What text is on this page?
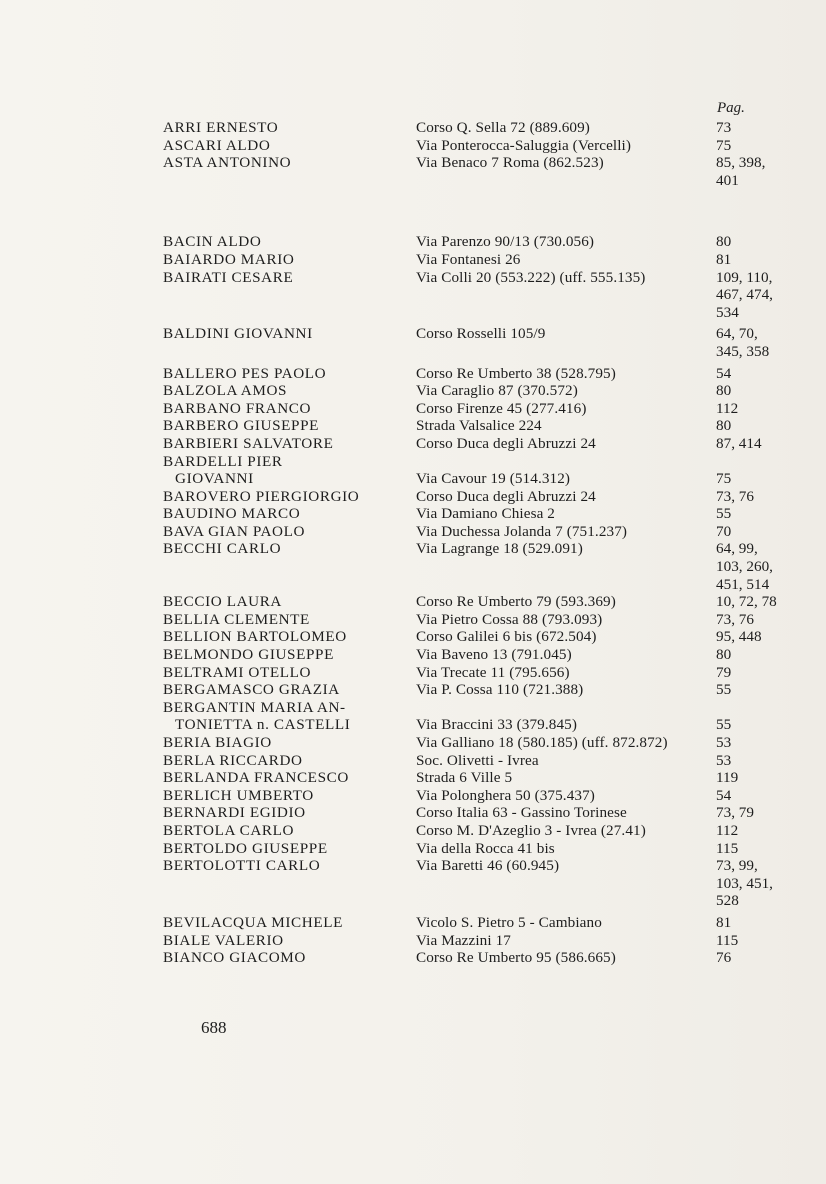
Pag.
ARRI ERNESTO	Corso Q. Sella 72 (889.609)	73
ASCARI ALDO	Via Ponterocca-Saluggia (Vercelli)	75
ASTA ANTONINO	Via Benaco 7 Roma (862.523)	85, 398,
401
BACIN ALDO	Via Parenzo 90/13 (730.056)	80
BAIARDO MARIO	Via Fontanesi 26	81
BAIRATI CESARE	Via Colli 20 (553.222) (uff. 555.135)	109, 110,
467, 474,
534
BALDINI GIOVANNI	Corso Rosselli 105/9	64, 70,
345, 358
BALLERO PES PAOLO	Corso Re Umberto 38 (528.795)	54
BALZOLA AMOS	Via Caraglio 87 (370.572)	80
BARBANO FRANCO	Corso Firenze 45 (277.416)	112
BARBERO GIUSEPPE	Strada Valsalice 224	80
BARBIERI SALVATORE	Corso Duca degli Abruzzi 24	87, 414
BARDELLI PIER
GIOVANNI	Via Cavour 19 (514.312)	75
BAROVERO PIERGIORGIO	Corso Duca degli Abruzzi 24	73, 76
BAUDINO MARCO	Via Damiano Chiesa 2	55
BAVA GIAN PAOLO	Via Duchessa Jolanda 7 (751.237)	70
BECCHI CARLO	Via Lagrange 18 (529.091)	64, 99,
103, 260,
451, 514
BECCIO LAURA	Corso Re Umberto 79 (593.369)	10, 72, 78
BELLIA CLEMENTE	Via Pietro Cossa 88 (793.093)	73, 76
BELLION BARTOLOMEO	Corso Galilei 6 bis (672.504)	95, 448
BELMONDO GIUSEPPE	Via Baveno 13 (791.045)	80
BELTRAMI OTELLO	Via Trecate 11 (795.656)	79
BERGAMASCO GRAZIA	Via P. Cossa 110 (721.388)	55
BERGANTIN MARIA AN-
TONIETTA n. CASTELLI	Via Braccini 33 (379.845)	55
BERIA BIAGIO	Via Galliano 18 (580.185) (uff. 872.872)	53
BERLA RICCARDO	Soc. Olivetti - Ivrea	53
BERLANDA FRANCESCO	Strada 6 Ville 5	119
BERLICH UMBERTO	Via Polonghera 50 (375.437)	54
BERNARDI EGIDIO	Corso Italia 63 - Gassino Torinese	73, 79
BERTOLA CARLO	Corso M. D'Azeglio 3 - Ivrea (27.41)	112
BERTOLDO GIUSEPPE	Via della Rocca 41 bis	115
BERTOLOTTI CARLO	Via Baretti 46 (60.945)	73, 99,
103, 451,
528
BEVILACQUA MICHELE	Vicolo S. Pietro 5 - Cambiano	81
BIALE VALERIO	Via Mazzini 17	115
BIANCO GIACOMO	Corso Re Umberto 95 (586.665)	76
688
